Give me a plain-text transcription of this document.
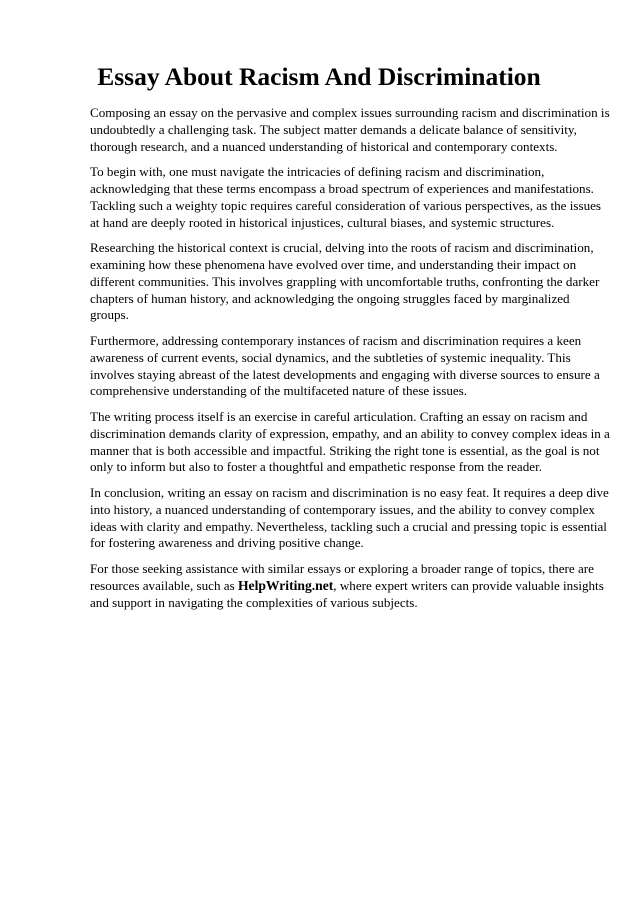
Essay About Racism And Discrimination

Composing an essay on the pervasive and complex issues surrounding racism and discrimination is undoubtedly a challenging task. The subject matter demands a delicate balance of sensitivity, thorough research, and a nuanced understanding of historical and contemporary contexts.

To begin with, one must navigate the intricacies of defining racism and discrimination, acknowledging that these terms encompass a broad spectrum of experiences and manifestations. Tackling such a weighty topic requires careful consideration of various perspectives, as the issues at hand are deeply rooted in historical injustices, cultural biases, and systemic structures.

Researching the historical context is crucial, delving into the roots of racism and discrimination, examining how these phenomena have evolved over time, and understanding their impact on different communities. This involves grappling with uncomfortable truths, confronting the darker chapters of human history, and acknowledging the ongoing struggles faced by marginalized groups.

Furthermore, addressing contemporary instances of racism and discrimination requires a keen awareness of current events, social dynamics, and the subtleties of systemic inequality. This involves staying abreast of the latest developments and engaging with diverse sources to ensure a comprehensive understanding of the multifaceted nature of these issues.

The writing process itself is an exercise in careful articulation. Crafting an essay on racism and discrimination demands clarity of expression, empathy, and an ability to convey complex ideas in a manner that is both accessible and impactful. Striking the right tone is essential, as the goal is not only to inform but also to foster a thoughtful and empathetic response from the reader.

In conclusion, writing an essay on racism and discrimination is no easy feat. It requires a deep dive into history, a nuanced understanding of contemporary issues, and the ability to convey complex ideas with clarity and empathy. Nevertheless, tackling such a crucial and pressing topic is essential for fostering awareness and driving positive change.

For those seeking assistance with similar essays or exploring a broader range of topics, there are resources available, such as HelpWriting.net, where expert writers can provide valuable insights and support in navigating the complexities of various subjects.
